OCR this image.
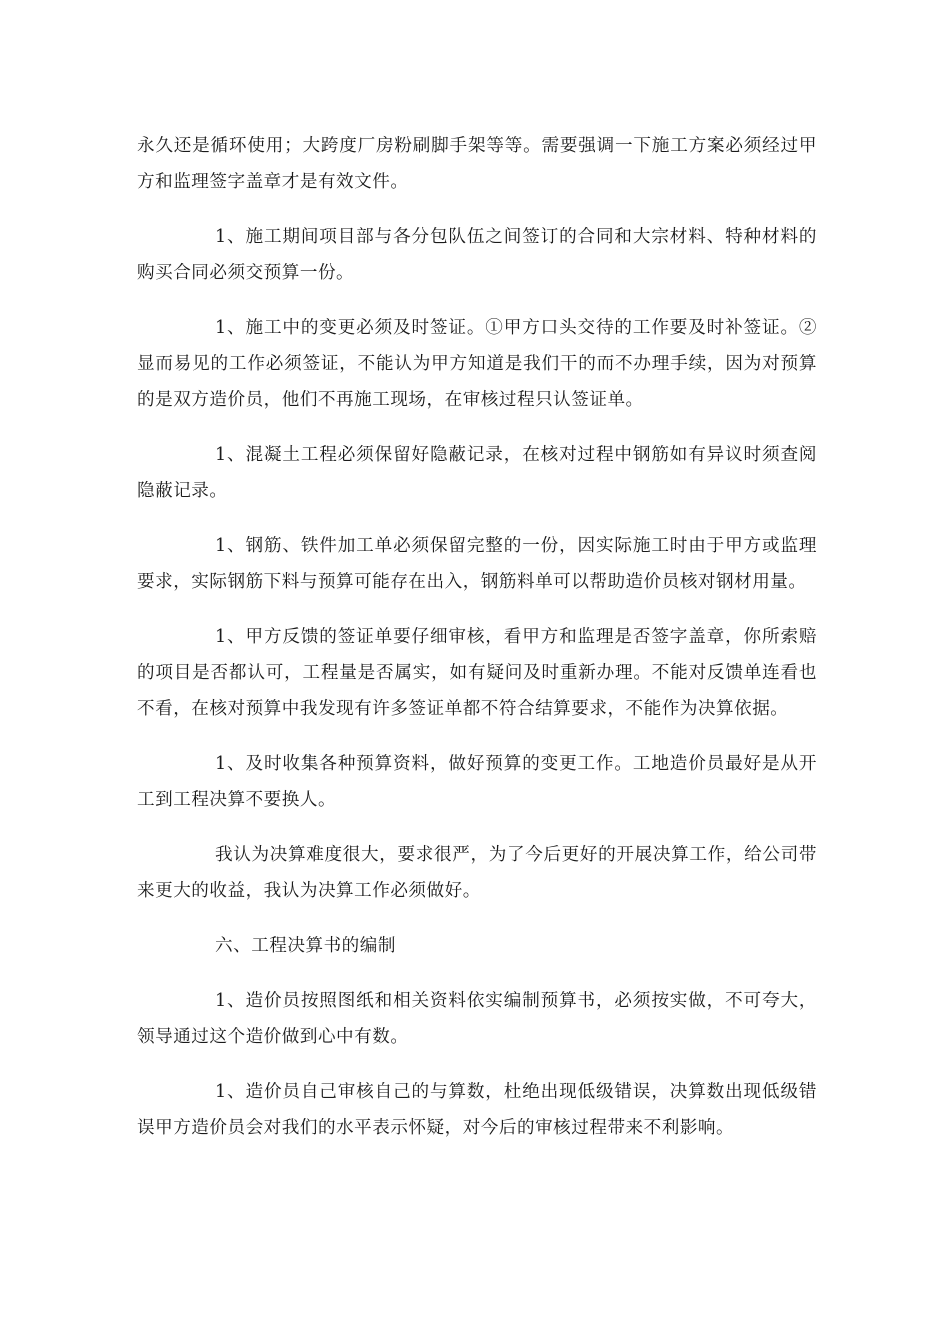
永久还是循环使用；大跨度厂房粉刷脚手架等等。需要强调一下施工方案必须经过甲方和监理签字盖章才是有效文件。

1、施工期间项目部与各分包队伍之间签订的合同和大宗材料、特种材料的购买合同必须交预算一份。

1、施工中的变更必须及时签证。①甲方口头交待的工作要及时补签证。②显而易见的工作必须签证，不能认为甲方知道是我们干的而不办理手续，因为对预算的是双方造价员，他们不再施工现场，在审核过程只认签证单。

1、混凝土工程必须保留好隐蔽记录，在核对过程中钢筋如有异议时须查阅隐蔽记录。

1、钢筋、铁件加工单必须保留完整的一份，因实际施工时由于甲方或监理要求，实际钢筋下料与预算可能存在出入，钢筋料单可以帮助造价员核对钢材用量。

1、甲方反馈的签证单要仔细审核，看甲方和监理是否签字盖章，你所索赔的项目是否都认可，工程量是否属实，如有疑问及时重新办理。不能对反馈单连看也不看，在核对预算中我发现有许多签证单都不符合结算要求，不能作为决算依据。

1、及时收集各种预算资料，做好预算的变更工作。工地造价员最好是从开工到工程决算不要换人。

我认为决算难度很大，要求很严，为了今后更好的开展决算工作，给公司带来更大的收益，我认为决算工作必须做好。

六、工程决算书的编制

1、造价员按照图纸和相关资料依实编制预算书，必须按实做，不可夸大，领导通过这个造价做到心中有数。

1、造价员自己审核自己的与算数，杜绝出现低级错误，决算数出现低级错误甲方造价员会对我们的水平表示怀疑，对今后的审核过程带来不利影响。
